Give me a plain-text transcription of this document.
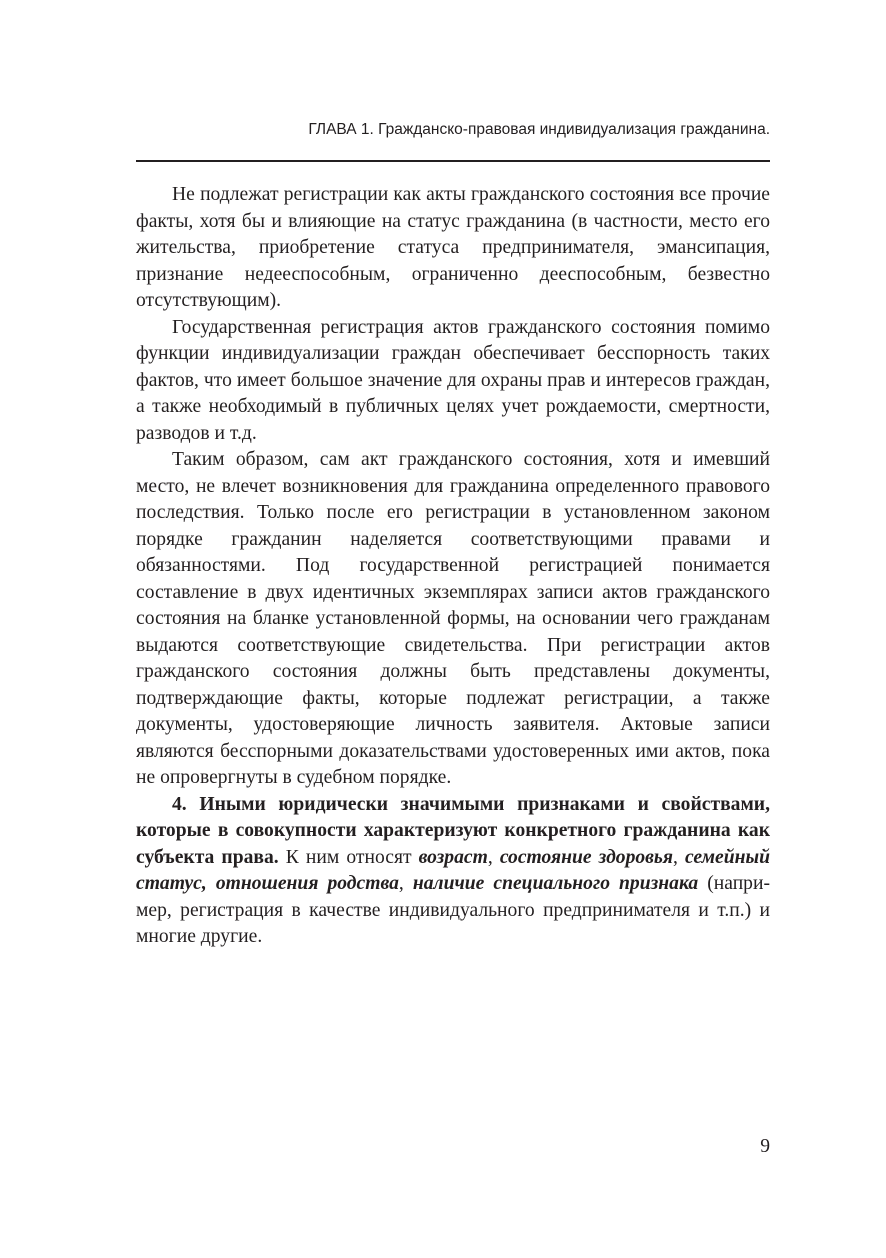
ГЛАВА 1. Гражданско-правовая индивидуализация гражданина.

Не подлежат регистрации как акты гражданского состояния все прочие факты, хотя бы и влияющие на статус гражданина (в частности, место его жительства, приобретение статуса предпринимателя, эмансипация, признание недееспособным, ограниченно дееспособным, безвестно отсутствующим).

Государственная регистрация актов гражданского состояния помимо функции индивидуализации граждан обеспечивает бесспорность таких фактов, что имеет большое значение для охраны прав и интересов граждан, а также необходимый в публичных целях учет рождаемости, смертности, разводов и т.д.

Таким образом, сам акт гражданского состояния, хотя и имевший место, не влечет возникновения для гражданина определенного правового последствия. Только после его регистрации в установленном законом порядке гражданин наделяется соответствующими правами и обязанностями. Под государственной регистрацией понимается составление в двух идентичных экземплярах записи актов гражданского состояния на бланке установленной формы, на основании чего гражданам выдаются соответствующие свидетельства. При регистрации актов гражданского состояния должны быть представлены документы, подтверждающие факты, которые подлежат регистрации, а также документы, удостоверяющие личность заявителя. Актовые записи являются бесспорными доказательствами удостоверенных ими актов, пока не опровергнуты в судебном порядке.

4. Иными юридически значимыми признаками и свойствами, которые в совокупности характеризуют конкретного гражданина как субъекта права. К ним относят возраст, состояние здоровья, семейный статус, отношения родства, наличие специального признака (например, регистрация в качестве индивидуального предпринимателя и т.п.) и многие другие.

9
